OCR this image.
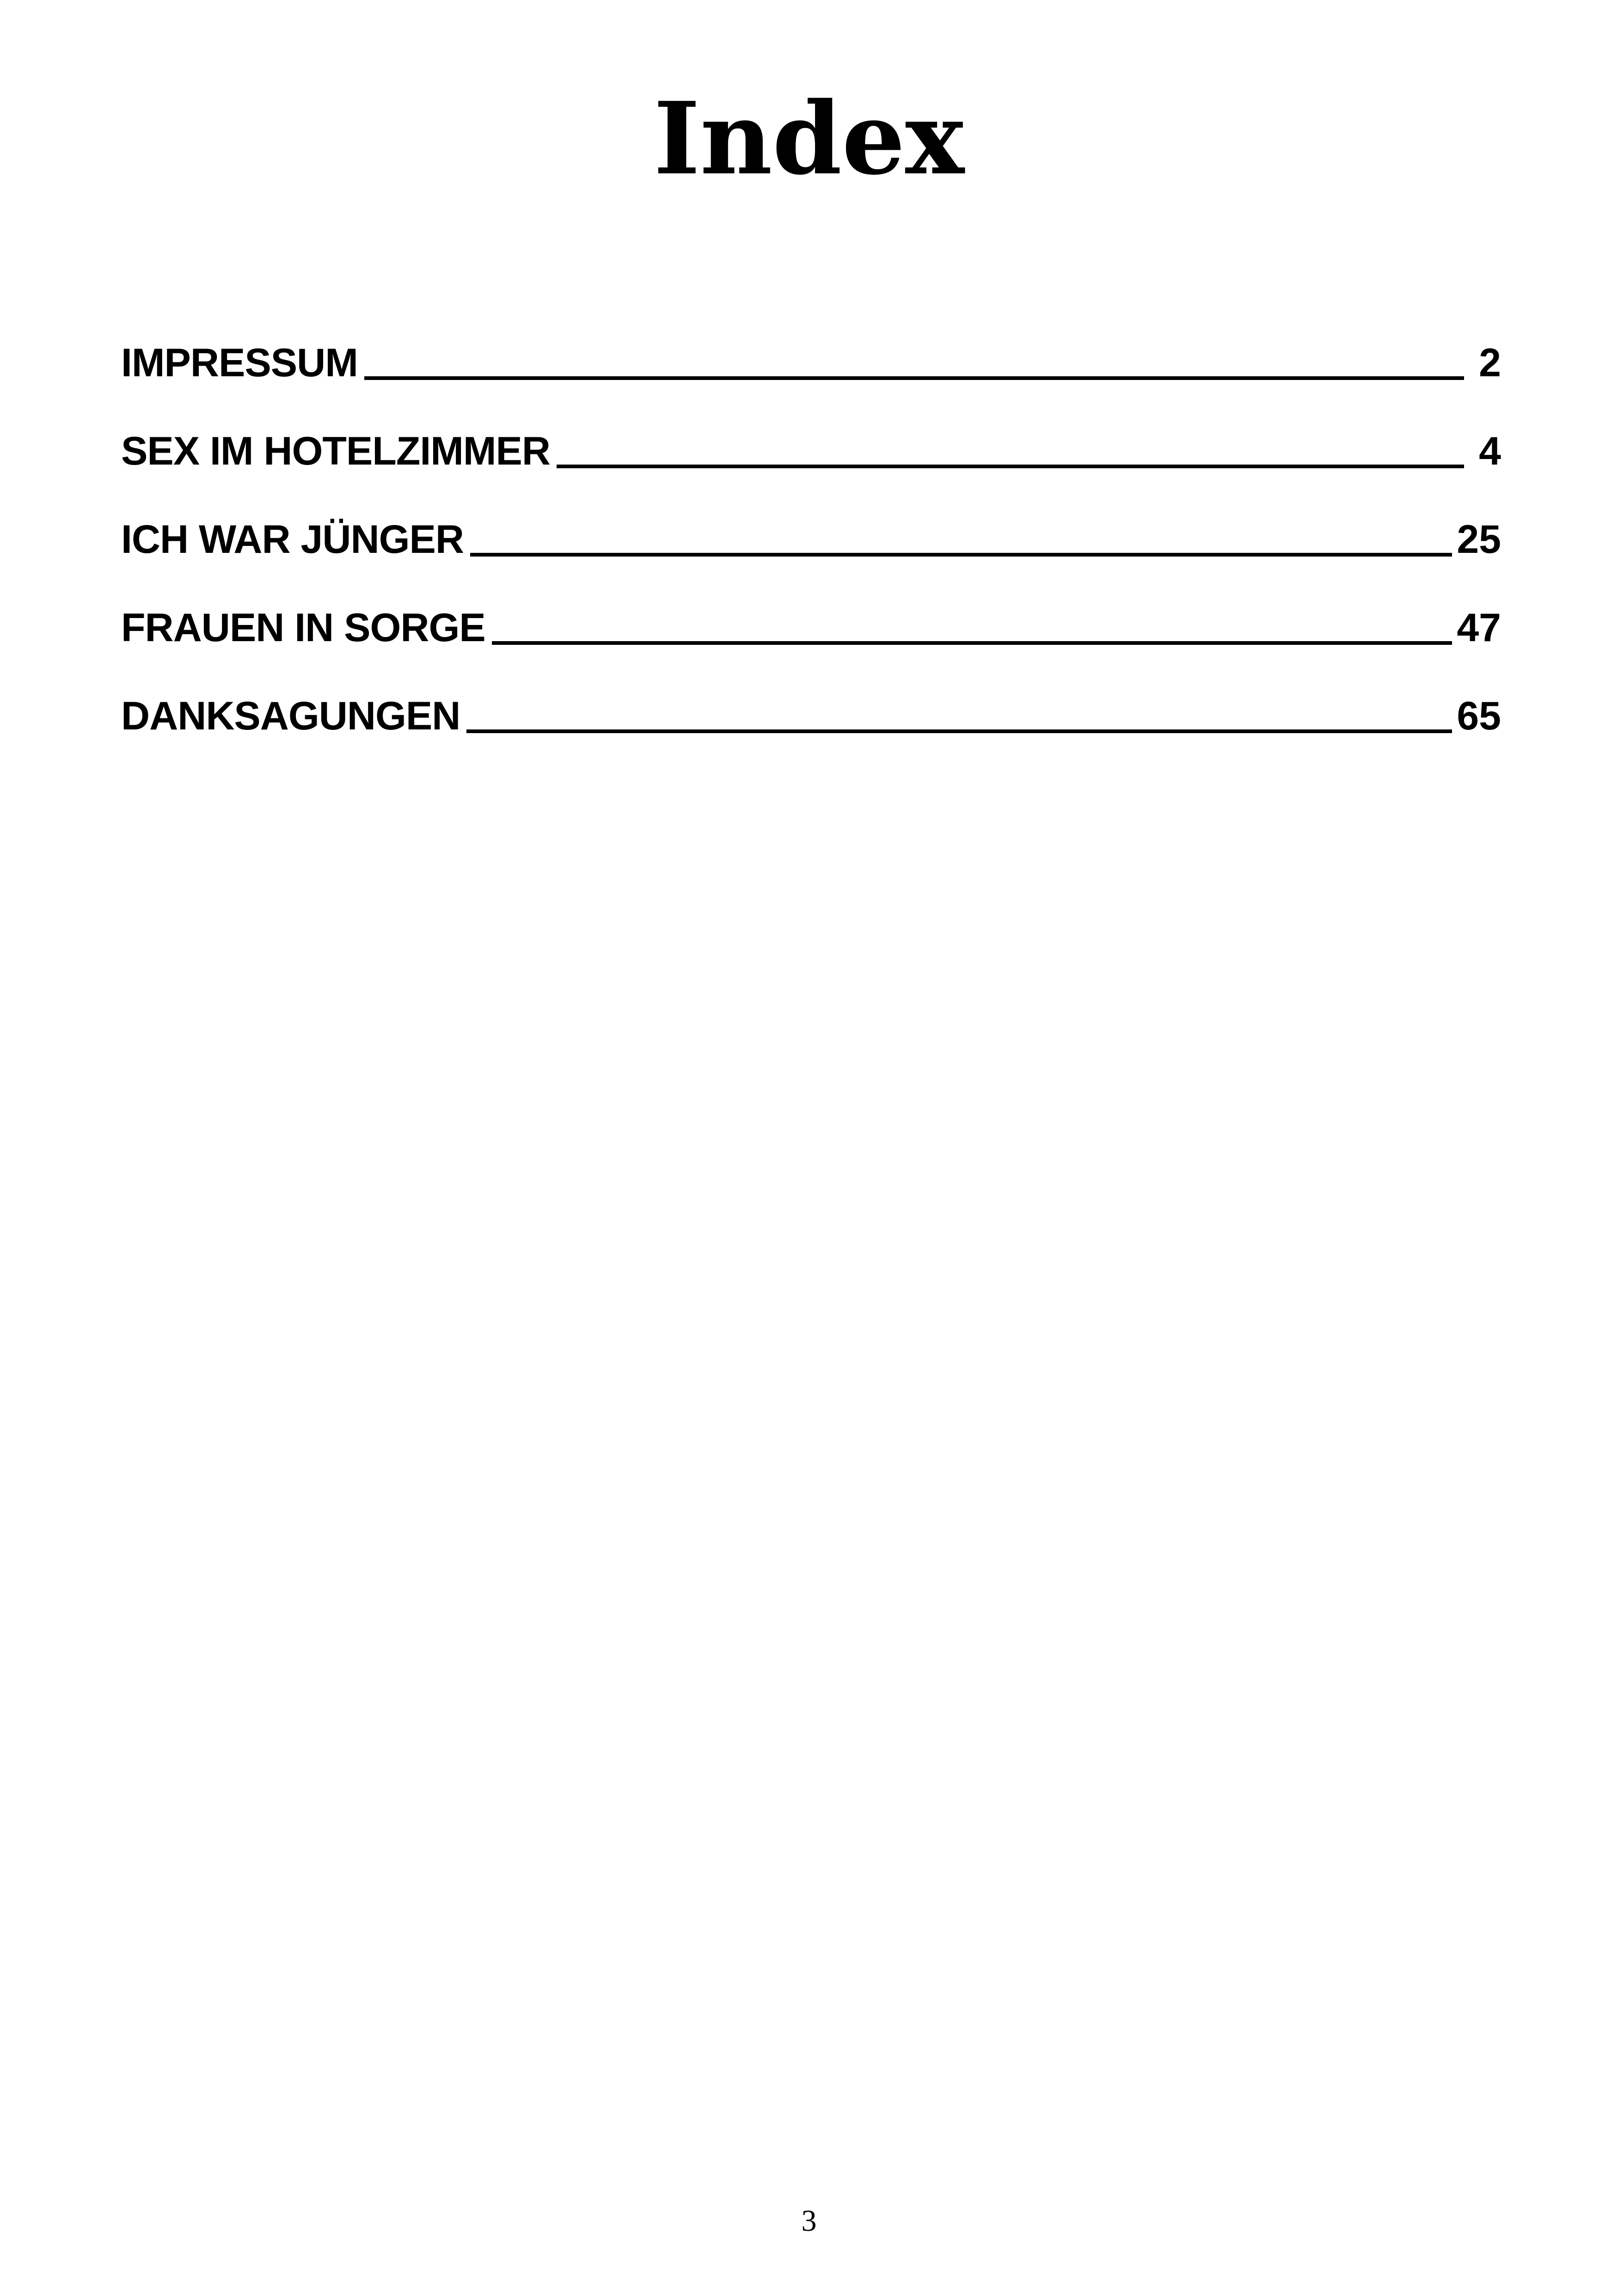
Index
IMPRESSUM	2
SEX IM HOTELZIMMER	4
ICH WAR JÜNGER	25
FRAUEN IN SORGE	47
DANKSAGUNGEN	65
3
